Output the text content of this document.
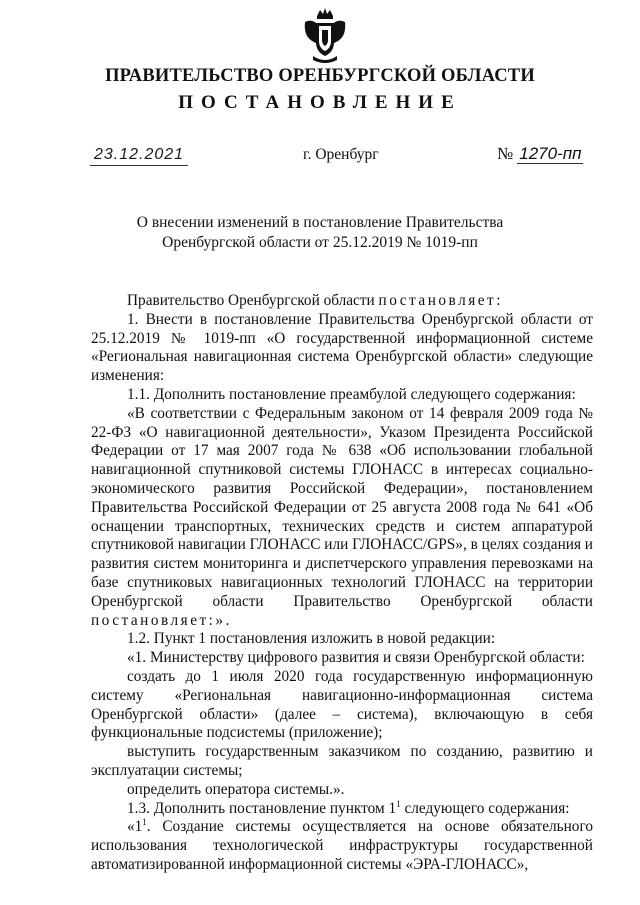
ПРАВИТЕЛЬСТВО ОРЕНБУРГСКОЙ ОБЛАСТИ
ПОСТАНОВЛЕНИЕ
23.12.2021	г. Оренбург	№ 1270-пп
О внесении изменений в постановление Правительства
Оренбургской области от 25.12.2019 № 1019-пп

Правительство Оренбургской области постановляет:

1. Внести в постановление Правительства Оренбургской области от 25.12.2019 № 1019-пп «О государственной информационной системе «Региональная навигационная система Оренбургской области» следующие изменения:

1.1. Дополнить постановление преамбулой следующего содержания:

«В соответствии с Федеральным законом от 14 февраля 2009 года № 22-ФЗ «О навигационной деятельности», Указом Президента Российской Федерации от 17 мая 2007 года № 638 «Об использовании глобальной навигационной спутниковой системы ГЛОНАСС в интересах социально-экономического развития Российской Федерации», постановлением Правительства Российской Федерации от 25 августа 2008 года № 641 «Об оснащении транспортных, технических средств и систем аппаратурой спутниковой навигации ГЛОНАСС или ГЛОНАСС/GPS», в целях создания и развития систем мониторинга и диспетчерского управления перевозками на базе спутниковых навигационных технологий ГЛОНАСС на территории Оренбургской области Правительство Оренбургской области постановляет:».

1.2. Пункт 1 постановления изложить в новой редакции:

«1. Министерству цифрового развития и связи Оренбургской области:

создать до 1 июля 2020 года государственную информационную систему «Региональная навигационно-информационная система Оренбургской области» (далее – система), включающую в себя функциональные подсистемы (приложение);

выступить государственным заказчиком по созданию, развитию и эксплуатации системы;

определить оператора системы.».

1.3. Дополнить постановление пунктом $1^1$ следующего содержания:

«$1^1$. Создание системы осуществляется на основе обязательного использования технологической инфраструктуры государственной автоматизированной информационной системы «ЭРА-ГЛОНАСС»,
